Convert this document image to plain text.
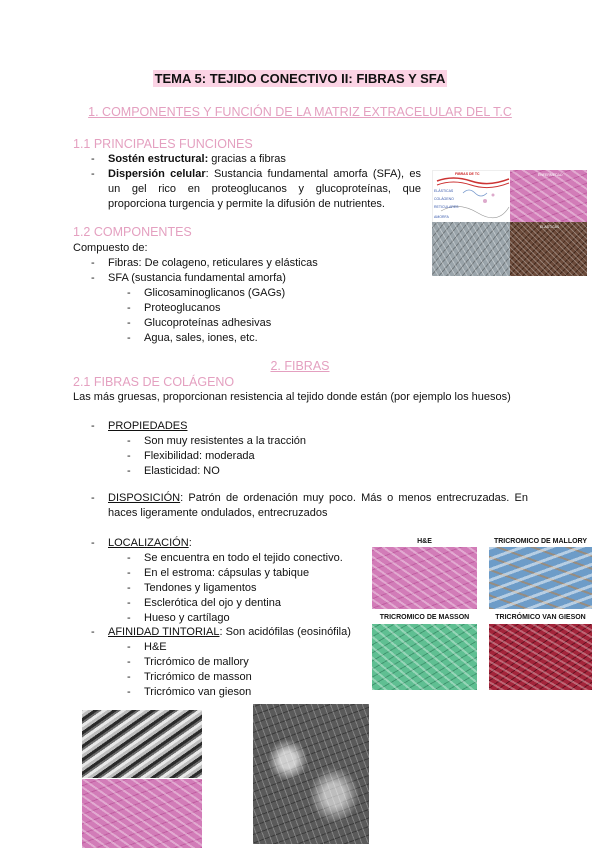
TEMA 5: TEJIDO CONECTIVO II: FIBRAS Y SFA
1. COMPONENTES Y FUNCIÓN DE LA MATRIZ EXTRACELULAR DEL T.C
1.1 PRINCIPALES FUNCIONES
- Sostén estructural: gracias a fibras
- Dispersión celular: Sustancia fundamental amorfa (SFA), es un gel rico en proteoglucanos y glucoproteínas, que proporciona turgencia y permite la difusión de nutrientes.
1.2 COMPONENTES
Compuesto de:
- Fibras: De colageno, reticulares y elásticas
- SFA (sustancia fundamental amorfa)
- Glicosaminoglicanos (GAGs)
- Proteoglucanos
- Glucoproteínas adhesivas
- Agua, sales, iones, etc.
FIBRAS DE TC
ELÁSTICAS
COLÁGENO
RETICULARES
AMORFA
ENFERMEDAD
ELASTICAS
2. FIBRAS
2.1 FIBRAS DE COLÁGENO
Las más gruesas, proporcionan resistencia al tejido donde están (por ejemplo los huesos)
- PROPIEDADES
- Son muy resistentes a la tracción
- Flexibilidad: moderada
- Elasticidad: NO
- DISPOSICIÓN: Patrón de ordenación muy poco. Más o menos entrecruzadas. En haces ligeramente ondulados, entrecruzados
- LOCALIZACIÓN:
- Se encuentra en todo el tejido conectivo.
- En el estroma: cápsulas y tabique
- Tendones y ligamentos
- Esclerótica del ojo y dentina
- Hueso y cartílago
- AFINIDAD TINTORIAL: Son acidófilas (eosinófila)
- H&E
- Tricrómico de mallory
- Tricrómico de masson
- Tricrómico van gieson
H&E	TRICROMICO DE MALLORY
TRICROMICO DE MASSON	TRICRÓMICO VAN GIESON
